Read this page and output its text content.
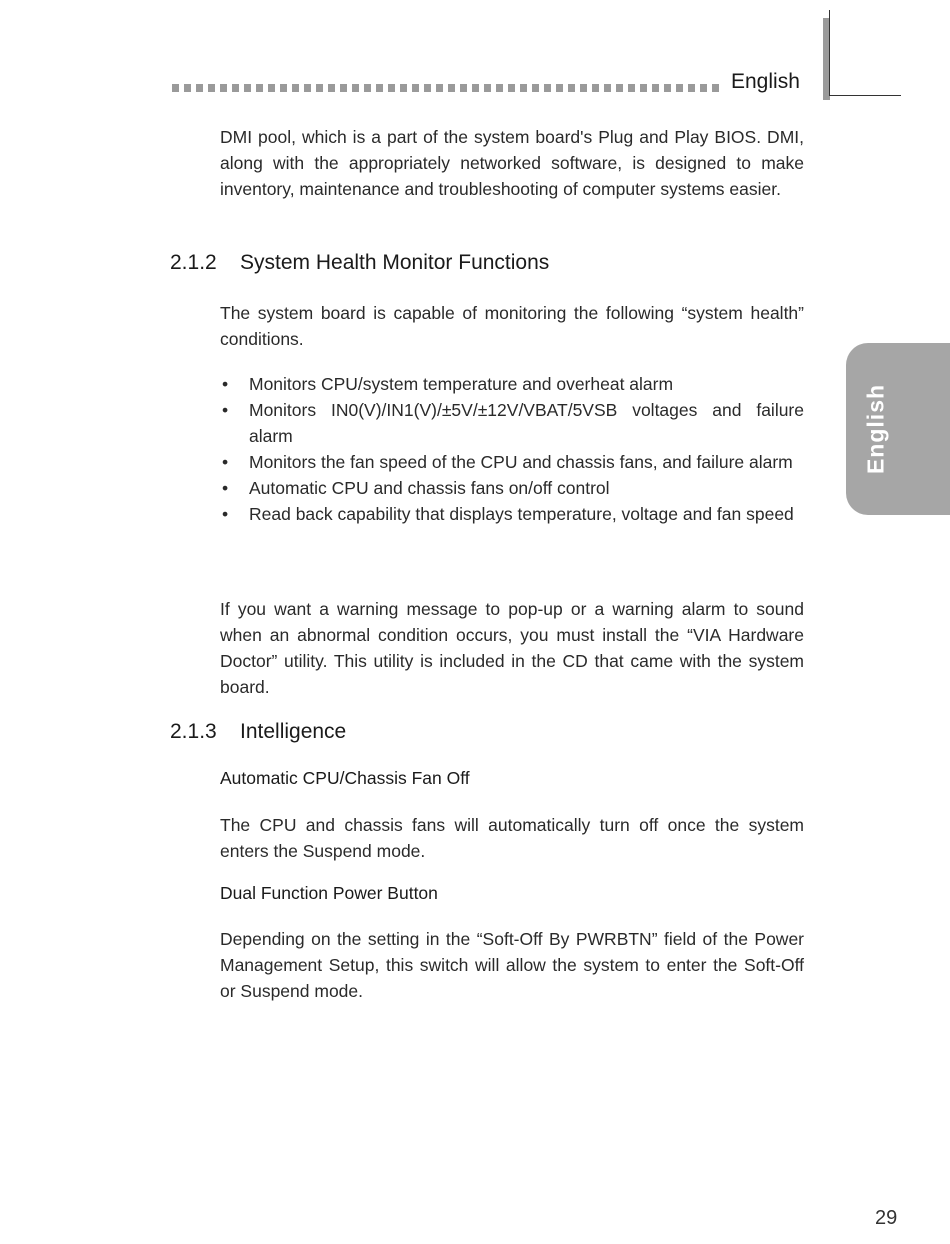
English
English

DMI pool, which is a part of the system board's Plug and Play BIOS. DMI, along with the appropriately networked software, is designed to make inventory, maintenance and troubleshooting of computer systems easier.

2.1.2 System Health Monitor Functions

The system board is capable of monitoring the following “system health” conditions.

• Monitors CPU/system temperature and overheat alarm
• Monitors IN0(V)/IN1(V)/±5V/±12V/VBAT/5VSB voltages and failure alarm
• Monitors the fan speed of the CPU and chassis fans, and failure alarm
• Automatic CPU and chassis fans on/off control
• Read back capability that displays temperature, voltage and fan speed

If you want a warning message to pop-up or a warning alarm to sound when an abnormal condition occurs, you must install the “VIA Hardware Doctor” utility. This utility is included in the CD that came with the system board.

2.1.3 Intelligence
Automatic CPU/Chassis Fan Off

The CPU and chassis fans will automatically turn off once the system enters the Suspend mode.

Dual Function Power Button

Depending on the setting in the “Soft-Off By PWRBTN” field of the Power Management Setup, this switch will allow the system to enter the Soft-Off or Suspend mode.

29
